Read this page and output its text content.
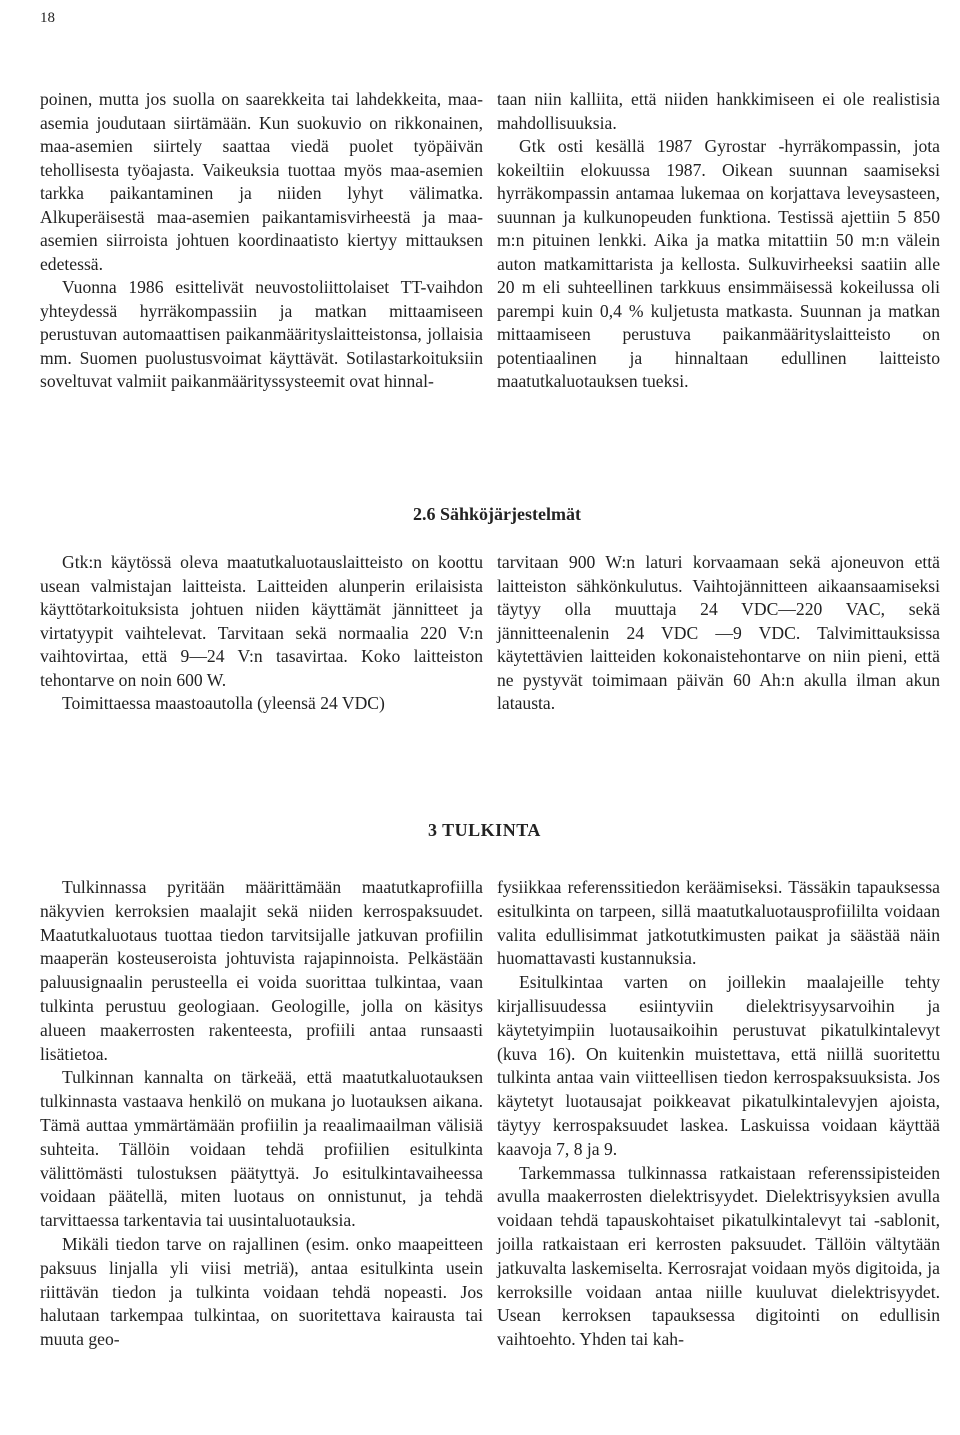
18

poinen, mutta jos suolla on saarekkeita tai lahdekkeita, maa-asemia joudutaan siirtämään. Kun suokuvio on rikkonainen, maa-asemien siirtely saattaa viedä puolet työpäivän tehollisesta työajasta. Vaikeuksia tuottaa myös maa-asemien tarkka paikantaminen ja niiden lyhyt välimatka. Alkuperäisestä maa-asemien paikantamisvirheestä ja maa-asemien siirroista johtuen koordinaatisto kiertyy mittauksen edetessä.

Vuonna 1986 esittelivät neuvostoliittolaiset TT-vaihdon yhteydessä hyrräkompassiin ja matkan mittaamiseen perustuvan automaattisen paikanmäärityslaitteistonsa, jollaisia mm. Suomen puolustusvoimat käyttävät. Sotilastarkoituksiin soveltuvat valmiit paikanmäärityssysteemit ovat hinnal-

taan niin kalliita, että niiden hankkimiseen ei ole realistisia mahdollisuuksia.

Gtk osti kesällä 1987 Gyrostar -hyrräkompassin, jota kokeiltiin elokuussa 1987. Oikean suunnan saamiseksi hyrräkompassin antamaa lukemaa on korjattava leveysasteen, suunnan ja kulkunopeuden funktiona. Testissä ajettiin 5 850 m:n pituinen lenkki. Aika ja matka mitattiin 50 m:n välein auton matkamittarista ja kellosta. Sulkuvirheeksi saatiin alle 20 m eli suhteellinen tarkkuus ensimmäisessä kokeilussa oli parempi kuin 0,4 % kuljetusta matkasta. Suunnan ja matkan mittaamiseen perustuva paikanmäärityslaitteisto on potentiaalinen ja hinnaltaan edullinen laitteisto maatutkaluotauksen tueksi.

2.6 Sähköjärjestelmät

Gtk:n käytössä oleva maatutkaluotauslaitteisto on koottu usean valmistajan laitteista. Laitteiden alunperin erilaisista käyttötarkoituksista johtuen niiden käyttämät jännitteet ja virtatyypit vaihtelevat. Tarvitaan sekä normaalia 220 V:n vaihtovirtaa, että 9—24 V:n tasavirtaa. Koko laitteiston tehontarve on noin 600 W.

Toimittaessa maastoautolla (yleensä 24 VDC)

tarvitaan 900 W:n laturi korvaamaan sekä ajoneuvon että laitteiston sähkönkulutus. Vaihtojännitteen aikaansaamiseksi täytyy olla muuttaja 24 VDC—220 VAC, sekä jännitteenalenin 24 VDC —9 VDC. Talvimittauksissa käytettävien laitteiden kokonaistehontarve on niin pieni, että ne pystyvät toimimaan päivän 60 Ah:n akulla ilman akun latausta.

3 TULKINTA

Tulkinnassa pyritään määrittämään maatutkaprofiilla näkyvien kerroksien maalajit sekä niiden kerrospaksuudet. Maatutkaluotaus tuottaa tiedon tarvitsijalle jatkuvan profiilin maaperän kosteuseroista johtuvista rajapinnoista. Pelkästään paluusignaalin perusteella ei voida suorittaa tulkintaa, vaan tulkinta perustuu geologiaan. Geologille, jolla on käsitys alueen maakerrosten rakenteesta, profiili antaa runsaasti lisätietoa.

Tulkinnan kannalta on tärkeää, että maatutkaluotauksen tulkinnasta vastaava henkilö on mukana jo luotauksen aikana. Tämä auttaa ymmärtämään profiilin ja reaalimaailman välisiä suhteita. Tällöin voidaan tehdä profiilien esitulkinta välittömästi tulostuksen päätyttyä. Jo esitulkintavaiheessa voidaan päätellä, miten luotaus on onnistunut, ja tehdä tarvittaessa tarkentavia tai uusintaluotauksia.

Mikäli tiedon tarve on rajallinen (esim. onko maapeitteen paksuus linjalla yli viisi metriä), antaa esitulkinta usein riittävän tiedon ja tulkinta voidaan tehdä nopeasti. Jos halutaan tarkempaa tulkintaa, on suoritettava kairausta tai muuta geo-

fysiikkaa referenssitiedon keräämiseksi. Tässäkin tapauksessa esitulkinta on tarpeen, sillä maatutkaluotausprofiililta voidaan valita edullisimmat jatkotutkimusten paikat ja säästää näin huomattavasti kustannuksia.

Esitulkintaa varten on joillekin maalajeille tehty kirjallisuudessa esiintyviin dielektrisyysarvoihin ja käytetyimpiin luotausaikoihin perustuvat pikatulkintalevyt (kuva 16). On kuitenkin muistettava, että niillä suoritettu tulkinta antaa vain viitteellisen tiedon kerrospaksuuksista. Jos käytetyt luotausajat poikkeavat pikatulkintalevyjen ajoista, täytyy kerrospaksuudet laskea. Laskuissa voidaan käyttää kaavoja 7, 8 ja 9.

Tarkemmassa tulkinnassa ratkaistaan referenssipisteiden avulla maakerrosten dielektrisyydet. Dielektrisyyksien avulla voidaan tehdä tapauskohtaiset pikatulkintalevyt tai -sablonit, joilla ratkaistaan eri kerrosten paksuudet. Tällöin vältytään jatkuvalta laskemiselta. Kerrosrajat voidaan myös digitoida, ja kerroksille voidaan antaa niille kuuluvat dielektrisyydet. Usean kerroksen tapauksessa digitointi on edullisin vaihtoehto. Yhden tai kah-
